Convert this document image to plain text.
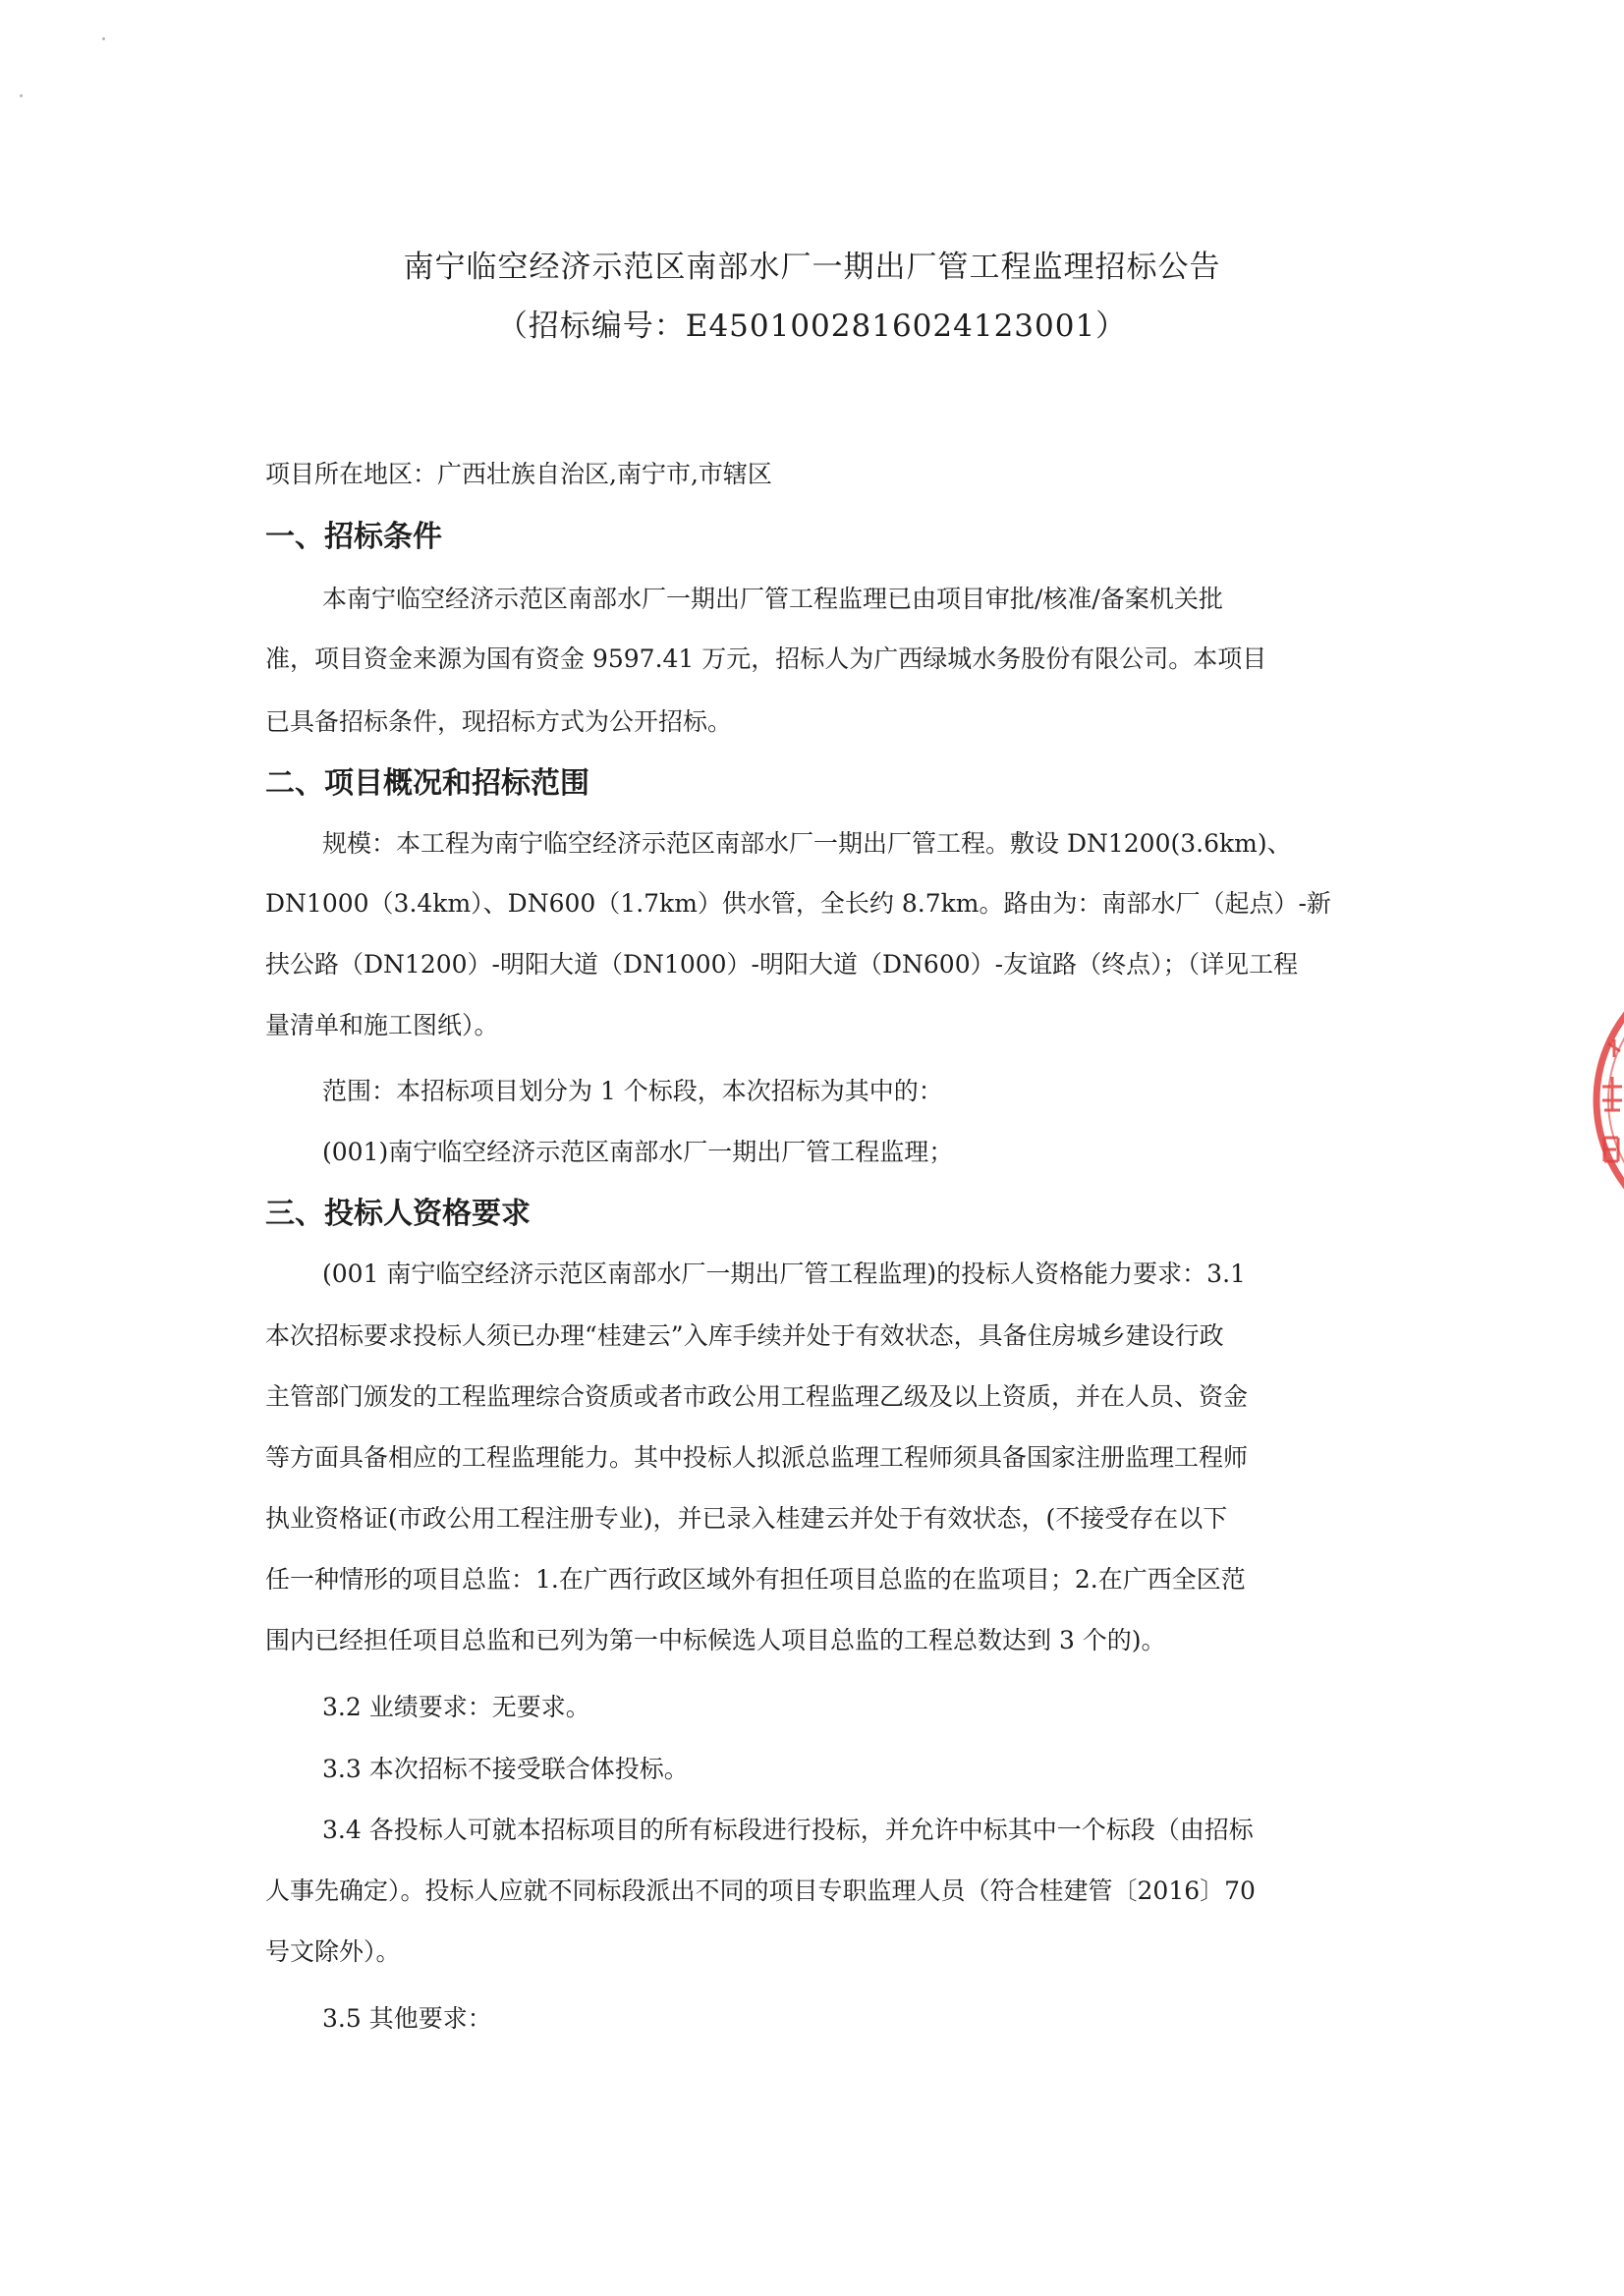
南宁临空经济示范区南部水厂一期出厂管工程监理招标公告
（招标编号：E4501002816024123001）
项目所在地区：广西壮族自治区,南宁市,市辖区
一、招标条件
本南宁临空经济示范区南部水厂一期出厂管工程监理已由项目审批/核准/备案机关批
准，项目资金来源为国有资金 9597.41 万元，招标人为广西绿城水务股份有限公司。本项目
已具备招标条件，现招标方式为公开招标。
二、项目概况和招标范围
规模：本工程为南宁临空经济示范区南部水厂一期出厂管工程。敷设 DN1200(3.6km)、
DN1000（3.4km）、DN600（1.7km）供水管，全长约 8.7km。路由为：南部水厂（起点）-新
扶公路（DN1200）-明阳大道（DN1000）-明阳大道（DN600）-友谊路（终点）；（详见工程
量清单和施工图纸）。
范围：本招标项目划分为 1 个标段，本次招标为其中的：
(001)南宁临空经济示范区南部水厂一期出厂管工程监理；
三、投标人资格要求
(001 南宁临空经济示范区南部水厂一期出厂管工程监理)的投标人资格能力要求：3.1
本次招标要求投标人须已办理“桂建云”入库手续并处于有效状态，具备住房城乡建设行政
主管部门颁发的工程监理综合资质或者市政公用工程监理乙级及以上资质，并在人员、资金
等方面具备相应的工程监理能力。其中投标人拟派总监理工程师须具备国家注册监理工程师
执业资格证(市政公用工程注册专业)，并已录入桂建云并处于有效状态，(不接受存在以下
任一种情形的项目总监：1.在广西行政区域外有担任项目总监的在监项目；2.在广西全区范
围内已经担任项目总监和已列为第一中标候选人项目总监的工程总数达到 3 个的)。
3.2 业绩要求：无要求。
3.3 本次招标不接受联合体投标。
3.4 各投标人可就本招标项目的所有标段进行投标，并允许中标其中一个标段（由招标
人事先确定）。投标人应就不同标段派出不同的项目专职监理人员（符合桂建管〔2016〕70
号文除外）。
3.5 其他要求：
